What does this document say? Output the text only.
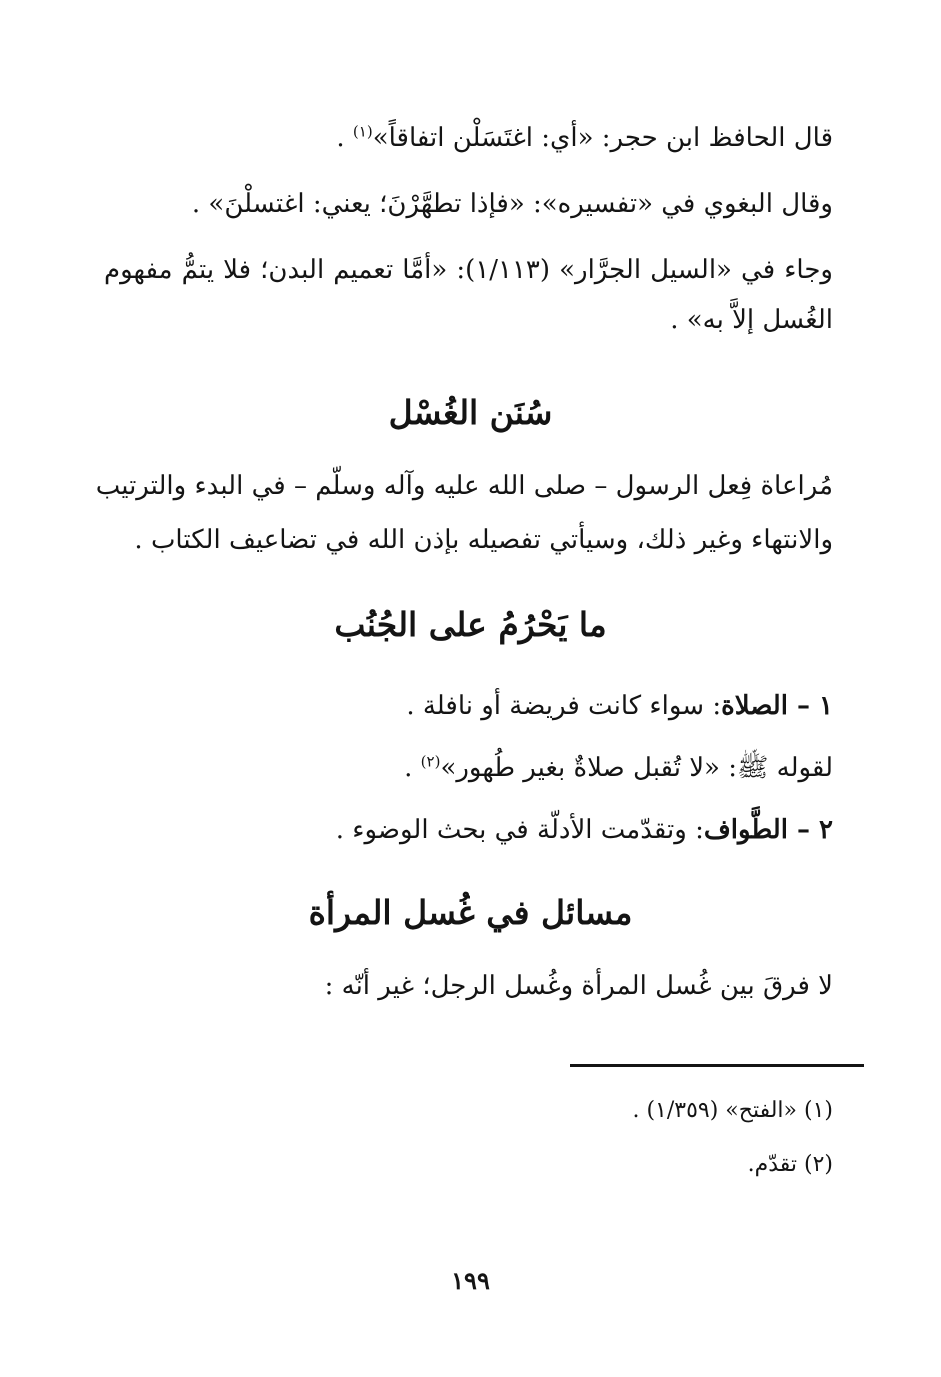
قال الحافظ ابن حجر: «أي: اغتَسَلْن اتفاقاً»$^{(١)}$ .
وقال البغوي في «تفسيره»: «فإذا تطهَّرْنَ؛ يعني: اغتسلْنَ» .
وجاء في «السيل الجرَّار» (١/١١٣): «أمَّا تعميم البدن؛ فلا يتمُّ مفهوم
الغُسل إلاَّ به» .
سُنَن الغُسْل
مُراعاة فِعل الرسول – صلى الله عليه وآله وسلّم – في البدء والترتيب
والانتهاء وغير ذلك، وسيأتي تفصيله بإذن الله في تضاعيف الكتاب .
ما يَحْرُمُ على الجُنُب
١ – الصلاة: سواء كانت فريضة أو نافلة .
لقوله ﷺ: «لا تُقبل صلاةٌ بغير طُهور»$^{(٢)}$ .
٢ – الطَّواف: وتقدّمت الأدلّة في بحث الوضوء .
مسائل في غُسل المرأة
لا فرقَ بين غُسل المرأة وغُسل الرجل؛ غير أنّه :
(١) «الفتح» (١/٣٥٩) .
(٢) تقدّم.
١٩٩
